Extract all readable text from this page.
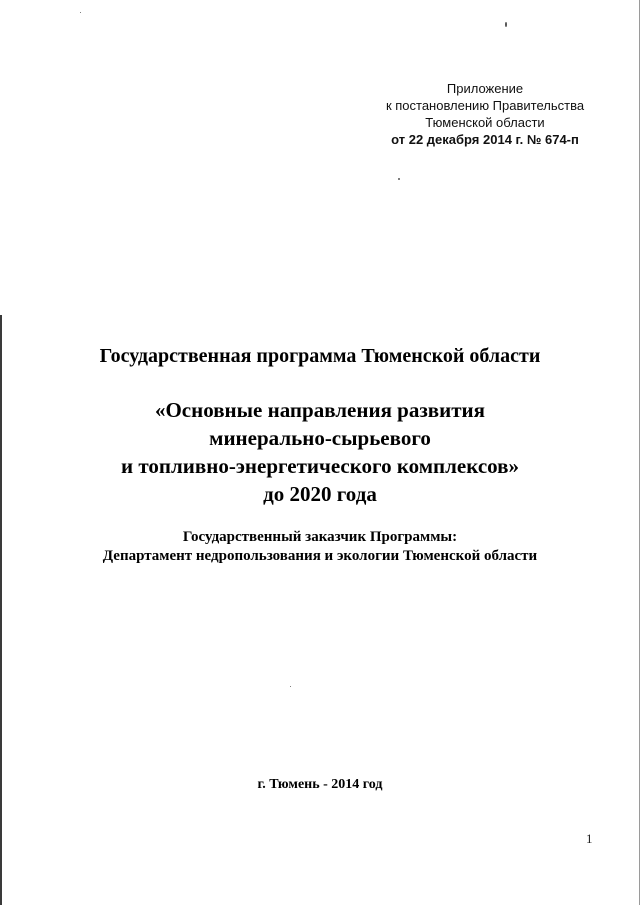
Приложение
к постановлению Правительства
Тюменской области
от 22 декабря 2014 г. № 674-п
Государственная программа Тюменской области
«Основные направления развития
минерально-сырьевого
и топливно-энергетического комплексов»
до 2020 года
Государственный заказчик Программы:
Департамент недропользования и экологии Тюменской области
г. Тюмень - 2014 год
1
